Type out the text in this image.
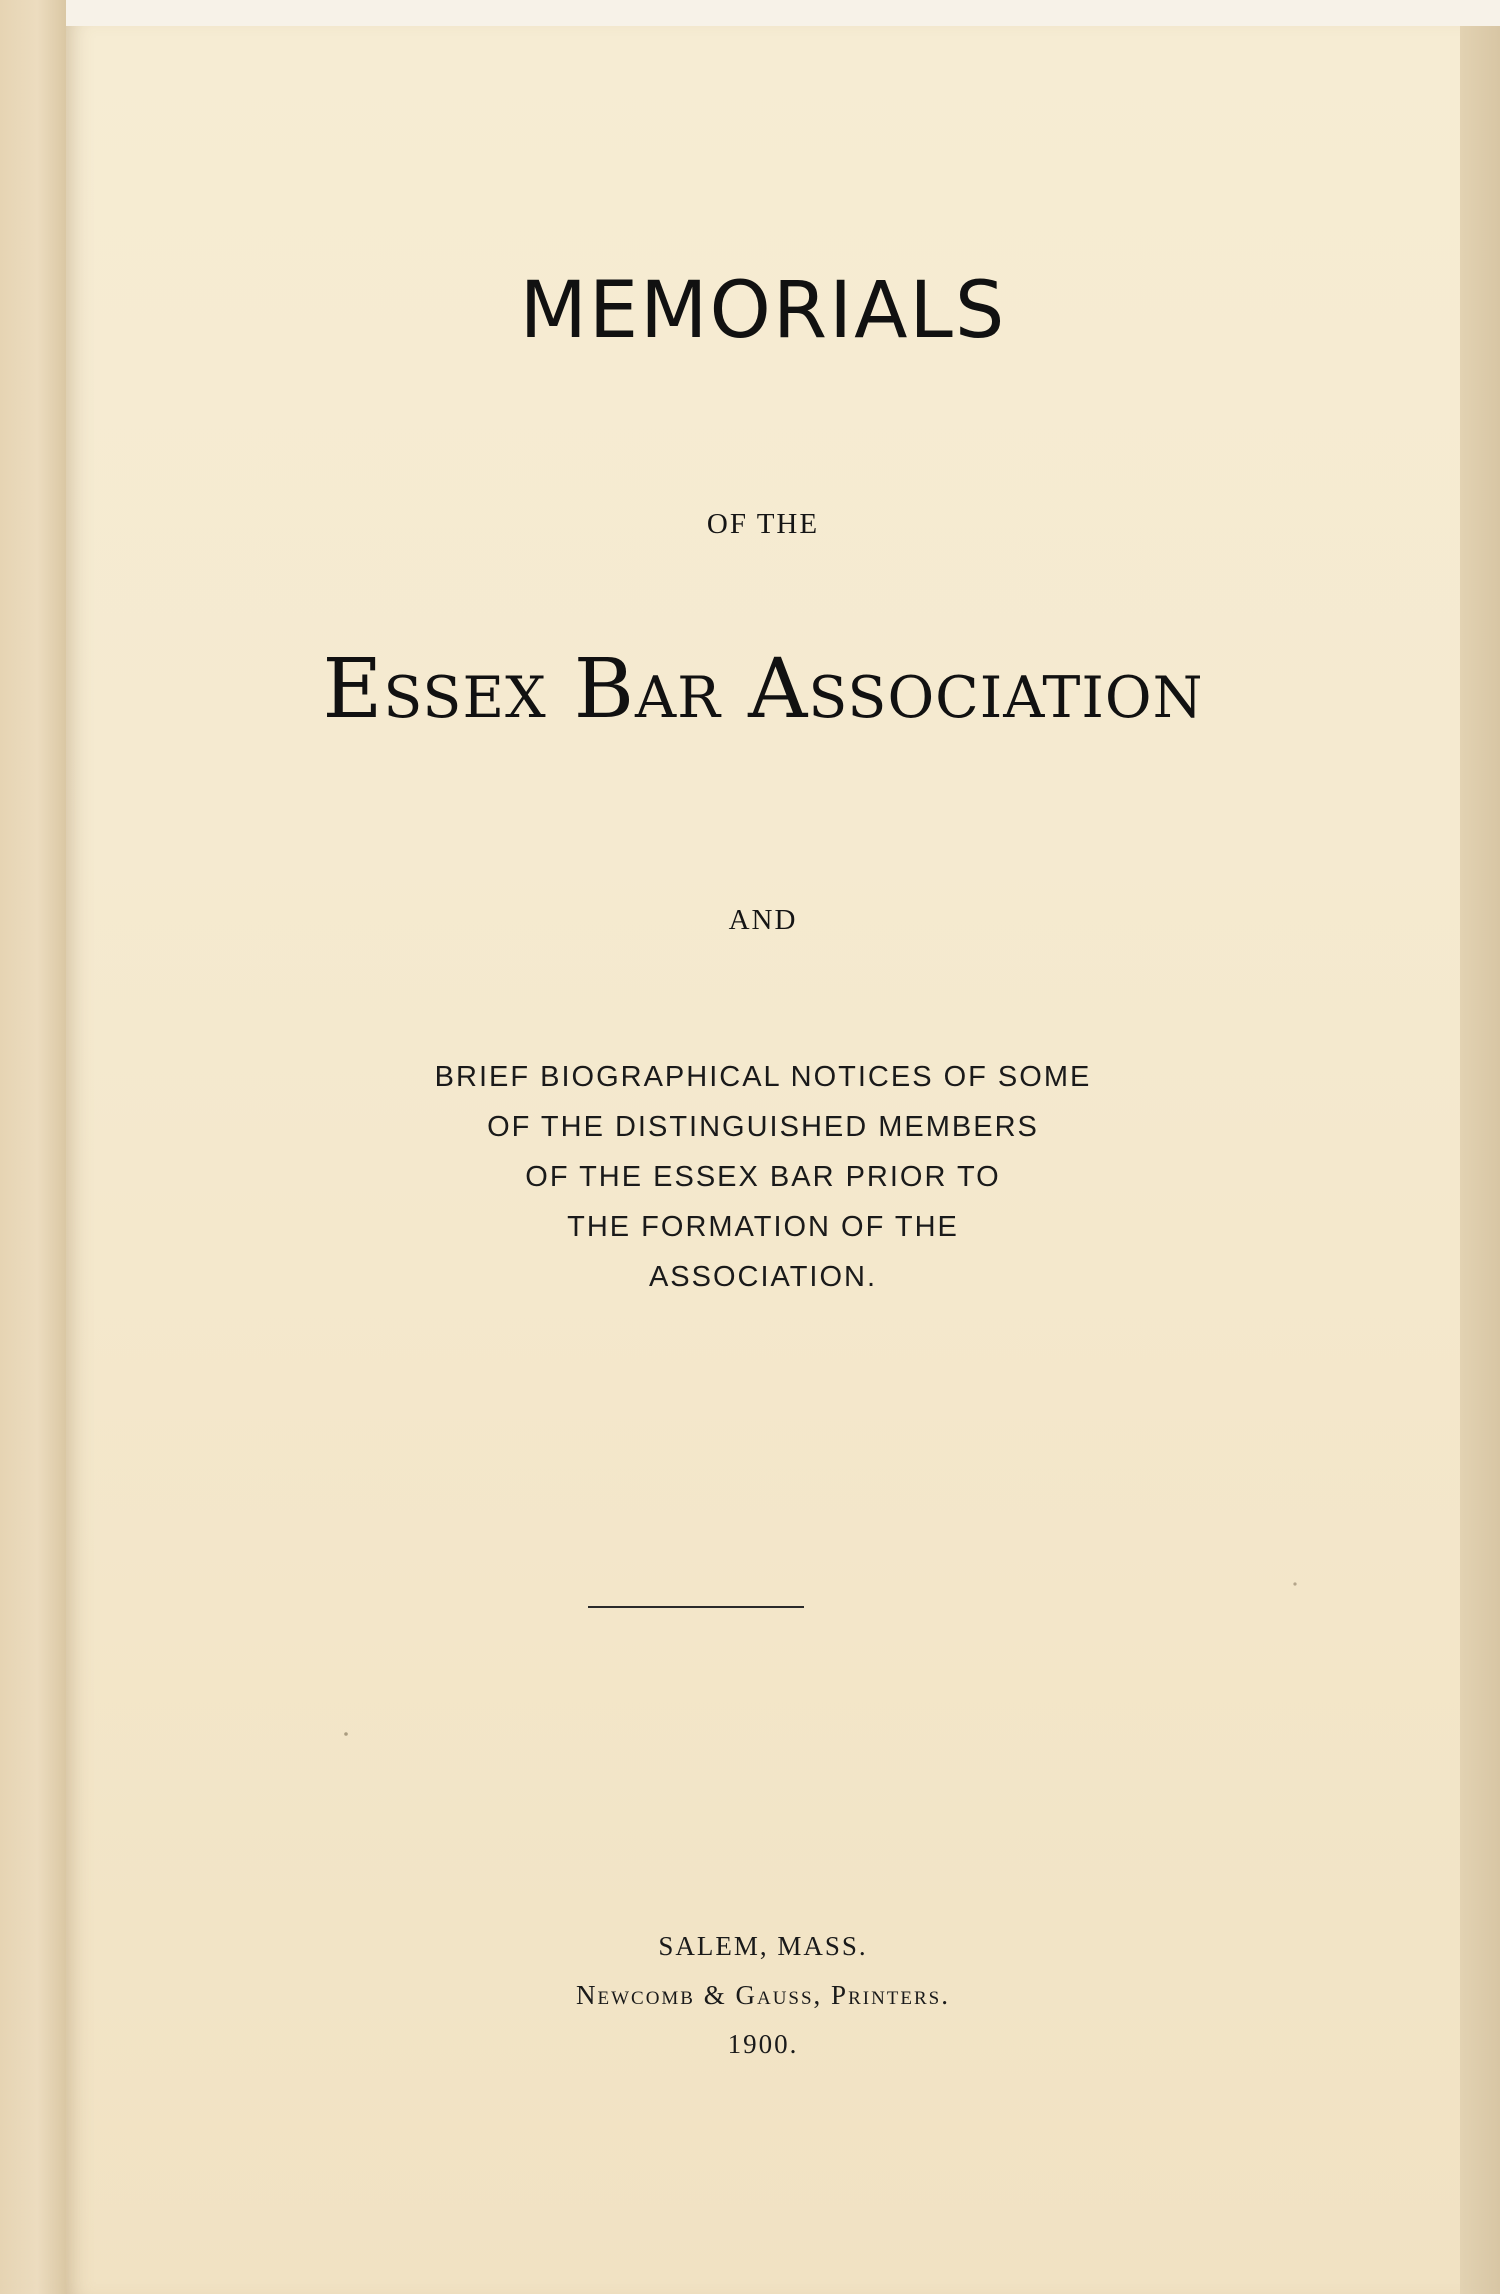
MEMORIALS
OF THE
Essex Bar Association
AND
BRIEF BIOGRAPHICAL NOTICES OF SOME
OF THE DISTINGUISHED MEMBERS
OF THE ESSEX BAR PRIOR TO
THE FORMATION OF THE
ASSOCIATION.
SALEM, MASS.
Newcomb & Gauss, Printers.
1900.
